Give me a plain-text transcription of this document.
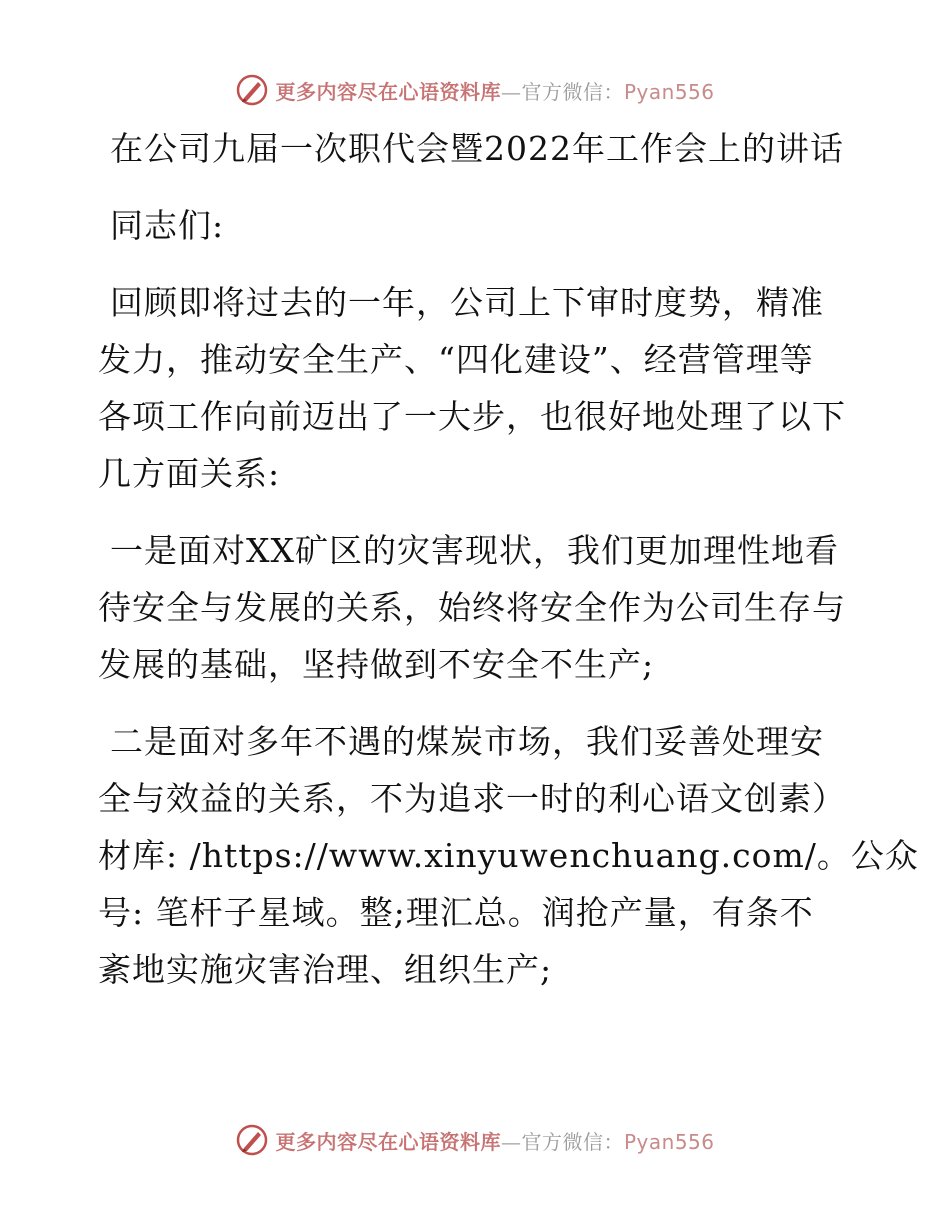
更多内容尽在心语资料库—官方微信：Pyan556
在公司九届一次职代会暨2022年工作会上的讲话
同志们:
回顾即将过去的一年，公司上下审时度势，精准
发力，推动安全生产、“四化建设”、经营管理等
各项工作向前迈出了一大步，也很好地处理了以下
几方面关系:
一是面对XX矿区的灾害现状，我们更加理性地看
待安全与发展的关系，始终将安全作为公司生存与
发展的基础，坚持做到不安全不生产;
二是面对多年不遇的煤炭市场，我们妥善处理安
全与效益的关系，不为追求一时的利心语文创素）
材库: /https://www.xinyuwenchuang.com/。公众
号: 笔杆子星域。整;理汇总。润抢产量，有条不
紊地实施灾害治理、组织生产;
更多内容尽在心语资料库—官方微信：Pyan556
